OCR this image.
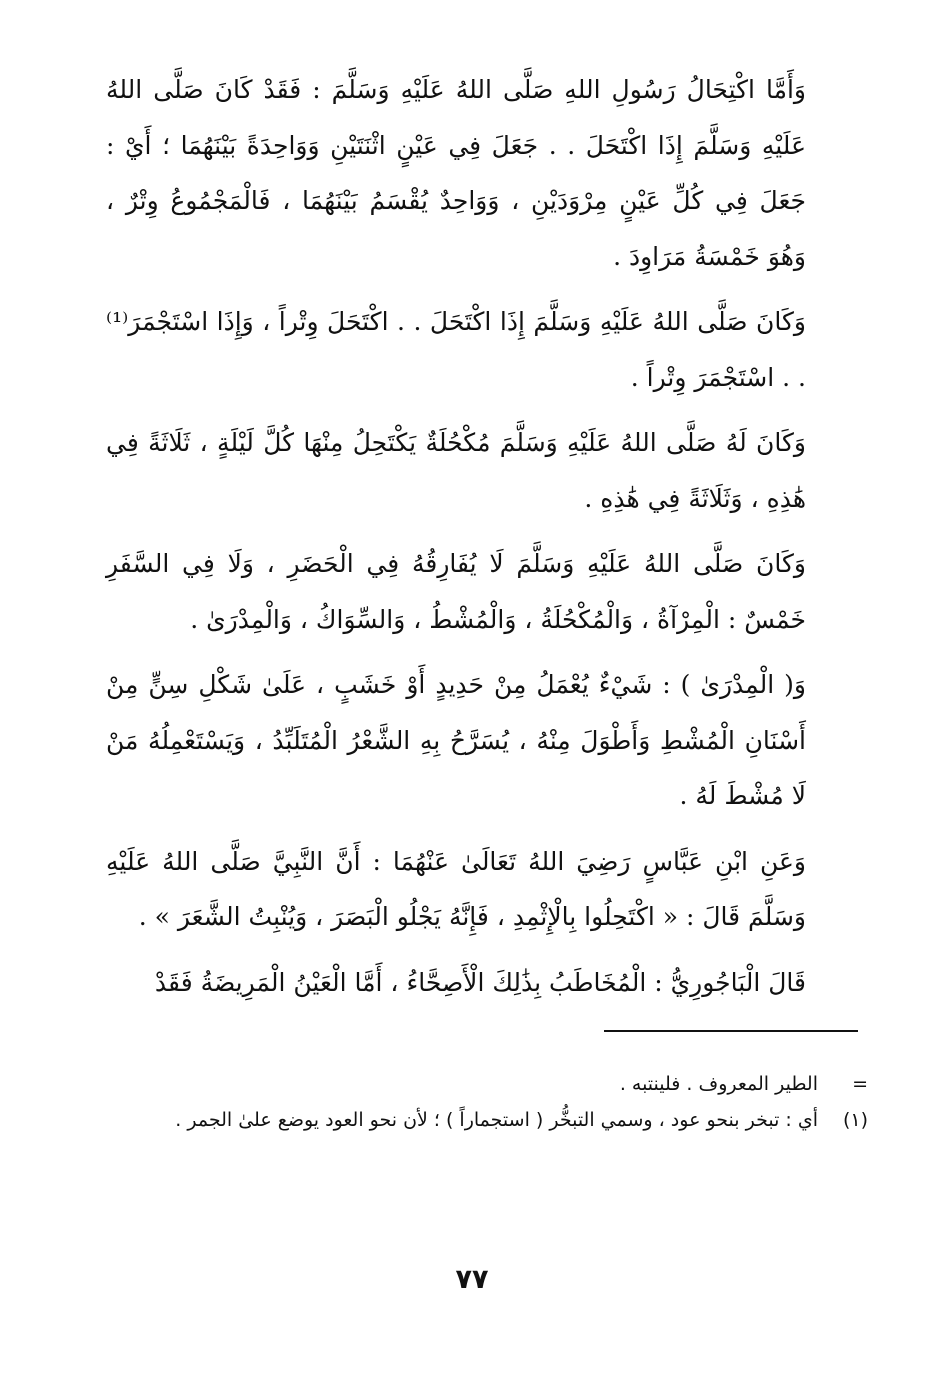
وَأَمَّا اكْتِحَالُ رَسُولِ اللهِ صَلَّى اللهُ عَلَيْهِ وَسَلَّمَ : فَقَدْ كَانَ صَلَّى اللهُ عَلَيْهِ وَسَلَّمَ إِذَا اكْتَحَلَ . . جَعَلَ فِي عَيْنٍ اثْنَتَيْنِ وَوَاحِدَةً بَيْنَهُمَا ؛ أَيْ : جَعَلَ فِي كُلِّ عَيْنٍ مِرْوَدَيْنِ ، وَوَاحِدٌ يُقْسَمُ بَيْنَهُمَا ، فَالْمَجْمُوعُ وِتْرٌ ، وَهُوَ خَمْسَةُ مَرَاوِدَ .

وَكَانَ صَلَّى اللهُ عَلَيْهِ وَسَلَّمَ إِذَا اكْتَحَلَ . . اكْتَحَلَ وِتْراً ، وَإِذَا اسْتَجْمَرَ⁽¹⁾ . . اسْتَجْمَرَ وِتْراً .

وَكَانَ لَهُ صَلَّى اللهُ عَلَيْهِ وَسَلَّمَ مُكْحُلَةٌ يَكْتَحِلُ مِنْهَا كُلَّ لَيْلَةٍ ، ثَلَاثَةً فِي هَٰذِهِ ، وَثَلَاثَةً فِي هَٰذِهِ .

وَكَانَ صَلَّى اللهُ عَلَيْهِ وَسَلَّمَ لَا يُفَارِقُهُ فِي الْحَضَرِ ، وَلَا فِي السَّفَرِ خَمْسٌ : الْمِرْآةُ ، وَالْمُكْحُلَةُ ، وَالْمُشْطُ ، وَالسِّوَاكُ ، وَالْمِدْرَىٰ .

وَ( الْمِدْرَىٰ ) : شَيْءٌ يُعْمَلُ مِنْ حَدِيدٍ أَوْ خَشَبٍ ، عَلَىٰ شَكْلِ سِنٍّ مِنْ أَسْنَانِ الْمُشْطِ وَأَطْوَلَ مِنْهُ ، يُسَرَّحُ بِهِ الشَّعْرُ الْمُتَلَبِّدُ ، وَيَسْتَعْمِلُهُ مَنْ لَا مُشْطَ لَهُ .

وَعَنِ ابْنِ عَبَّاسٍ رَضِيَ اللهُ تَعَالَىٰ عَنْهُمَا : أَنَّ النَّبِيَّ صَلَّى اللهُ عَلَيْهِ وَسَلَّمَ قَالَ : « اكْتَحِلُوا بِالْإِثْمِدِ ، فَإِنَّهُ يَجْلُو الْبَصَرَ ، وَيُنْبِتُ الشَّعَرَ » .

قَالَ الْبَاجُورِيُّ : الْمُخَاطَبُ بِذَٰلِكَ الْأَصِحَّاءُ ، أَمَّا الْعَيْنُ الْمَرِيضَةُ فَقَدْ

=
الطير المعروف . فلينتبه .
(١)
أي : تبخر بنحو عود ، وسمي التبخُّر ( استجماراً ) ؛ لأن نحو العود يوضع علىٰ الجمر .
٧٧
